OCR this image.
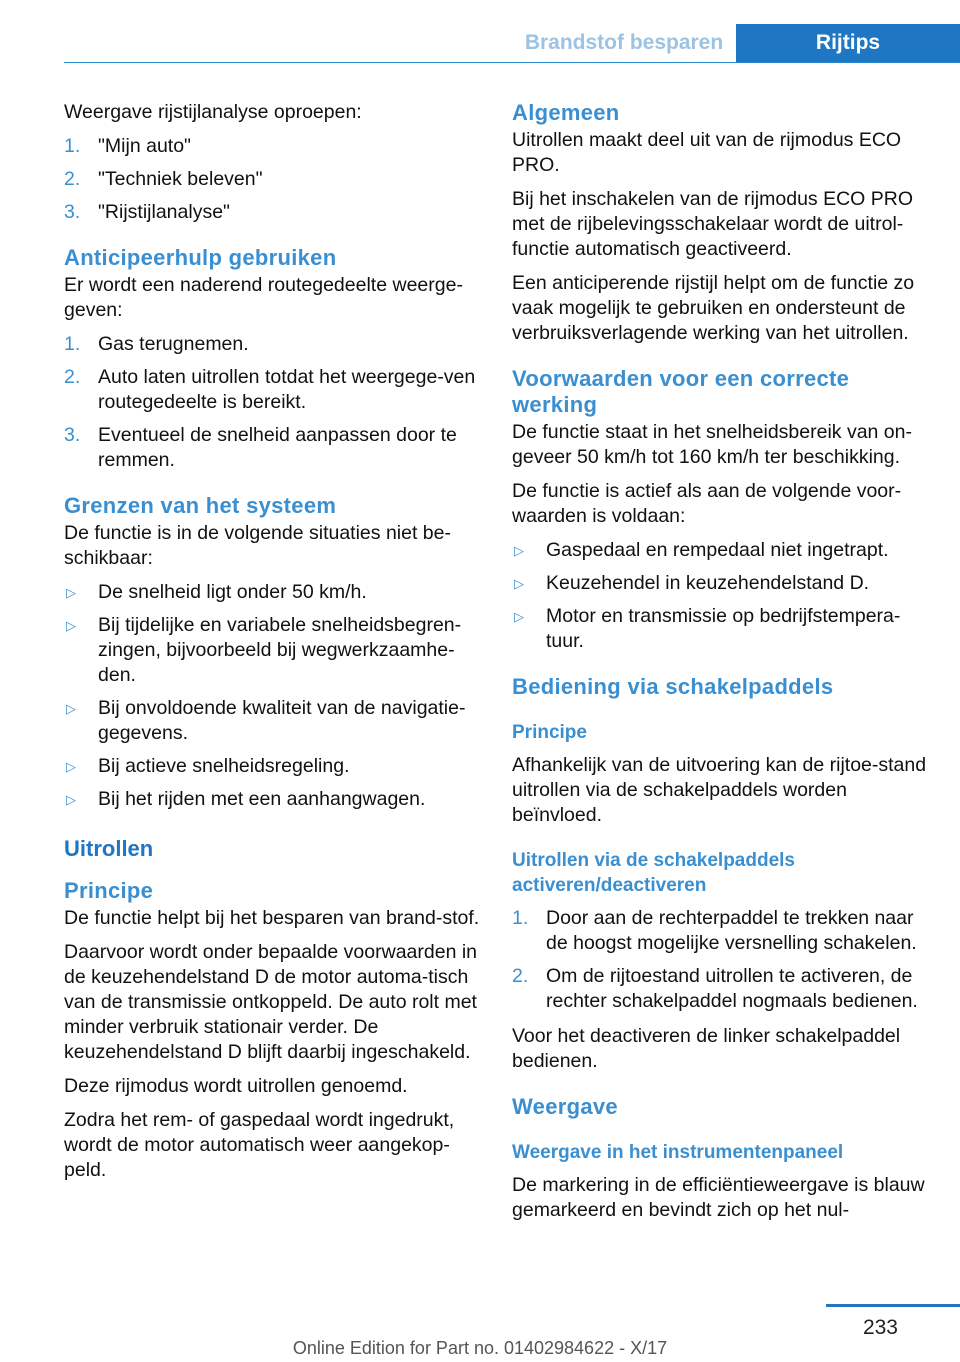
Brandstof besparen	Rijtips

Weergave rijstijlanalyse oproepen:

1. "Mijn auto"
2. "Techniek beleven"
3. "Rijstijlanalyse"
Anticipeerhulp gebruiken

Er wordt een naderend routegedeelte weerge-geven:

1. Gas terugnemen.
2. Auto laten uitrollen totdat het weergege-ven routegedeelte is bereikt.
3. Eventueel de snelheid aanpassen door te remmen.
Grenzen van het systeem

De functie is in de volgende situaties niet be-schikbaar:

▷ De snelheid ligt onder 50 km/h.
▷ Bij tijdelijke en variabele snelheidsbegren-zingen, bijvoorbeeld bij wegwerkzaamhe-den.
▷ Bij onvoldoende kwaliteit van de navigatie-gegevens.
▷ Bij actieve snelheidsregeling.
▷ Bij het rijden met een aanhangwagen.
Uitrollen
Principe

De functie helpt bij het besparen van brand-stof.

Daarvoor wordt onder bepaalde voorwaarden in de keuzehendelstand D de motor automa-tisch van de transmissie ontkoppeld. De auto rolt met minder verbruik stationair verder. De keuzehendelstand D blijft daarbij ingeschakeld.

Deze rijmodus wordt uitrollen genoemd.

Zodra het rem- of gaspedaal wordt ingedrukt, wordt de motor automatisch weer aangekop-peld.

Algemeen

Uitrollen maakt deel uit van de rijmodus ECO PRO.

Bij het inschakelen van de rijmodus ECO PRO met de rijbelevingsschakelaar wordt de uitrol-functie automatisch geactiveerd.

Een anticiperende rijstijl helpt om de functie zo vaak mogelijk te gebruiken en ondersteunt de verbruiksverlagende werking van het uitrollen.

Voorwaarden voor een correcte werking

De functie staat in het snelheidsbereik van on-geveer 50 km/h tot 160 km/h ter beschikking.

De functie is actief als aan de volgende voor-waarden is voldaan:

▷ Gaspedaal en rempedaal niet ingetrapt.
▷ Keuzehendel in keuzehendelstand D.
▷ Motor en transmissie op bedrijfstempera-tuur.
Bediening via schakelpaddels
Principe

Afhankelijk van de uitvoering kan de rijtoe-stand uitrollen via de schakelpaddels worden beïnvloed.

Uitrollen via de schakelpaddels activeren/deactiveren
1. Door aan de rechterpaddel te trekken naar de hoogst mogelijke versnelling schakelen.
2. Om de rijtoestand uitrollen te activeren, de rechter schakelpaddel nogmaals bedienen.

Voor het deactiveren de linker schakelpaddel bedienen.

Weergave
Weergave in het instrumentenpaneel

De markering in de efficiëntieweergave is blauw gemarkeerd en bevindt zich op het nul-

233
Online Edition for Part no. 01402984622 - X/17
